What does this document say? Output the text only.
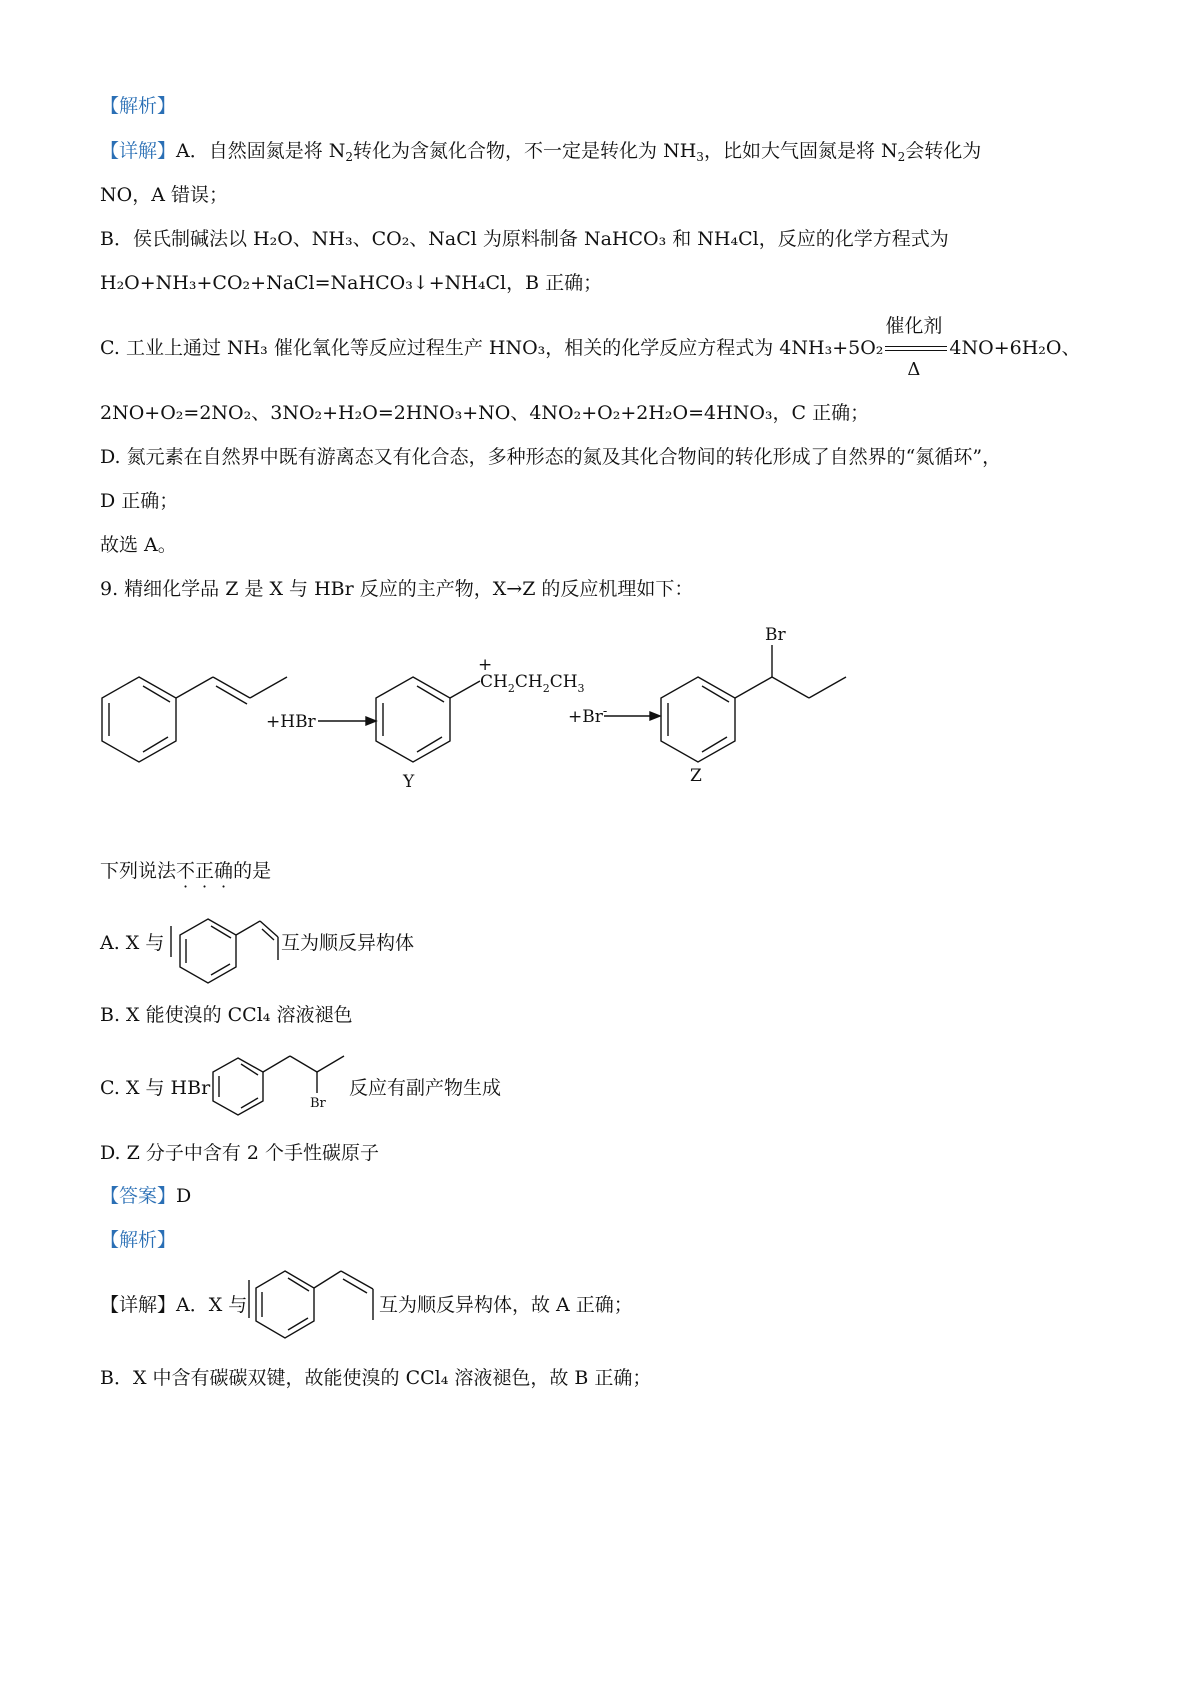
【解析】
【详解】A．自然固氮是将 $N_2$转化为含氮化合物，不一定是转化为 $NH_3$，比如大气固氮是将 $N_2$会转化为
NO，A 错误；
B．侯氏制碱法以 H₂O、NH₃、CO₂、NaCl 为原料制备 NaHCO₃ 和 NH₄Cl，反应的化学方程式为
H₂O+NH₃+CO₂+NaCl=NaHCO₃↓+NH₄Cl，B 正确；
C. 工业上通过 NH₃ 催化氧化等反应过程生产 HNO₃，相关的化学反应方程式为 4NH₃+5O₂
催化剂
Δ
4NO+6H₂O、
2NO+O₂=2NO₂、3NO₂+H₂O=2HNO₃+NO、4NO₂+O₂+2H₂O=4HNO₃，C 正确；
D. 氮元素在自然界中既有游离态又有化合态，多种形态的氮及其化合物间的转化形成了自然界的“氮循环”，
D 正确；
故选 A。
9. 精细化学品 Z 是 X 与 HBr 反应的主产物，X→Z 的反应机理如下：
+HBr
+
$CH_2CH_2CH_3$
Y
+Br-
Br
Z
Br
下列说法不正确的是
A. X 与	互为顺反异构体
B. X 能使溴的 CCl₄ 溶液褪色
C. X 与 HBr	反应有副产物生成
D. Z 分子中含有 2 个手性碳原子
【答案】D
【解析】
【详解】A．X 与	互为顺反异构体，故 A 正确；
B．X 中含有碳碳双键，故能使溴的 CCl₄ 溶液褪色，故 B 正确；
